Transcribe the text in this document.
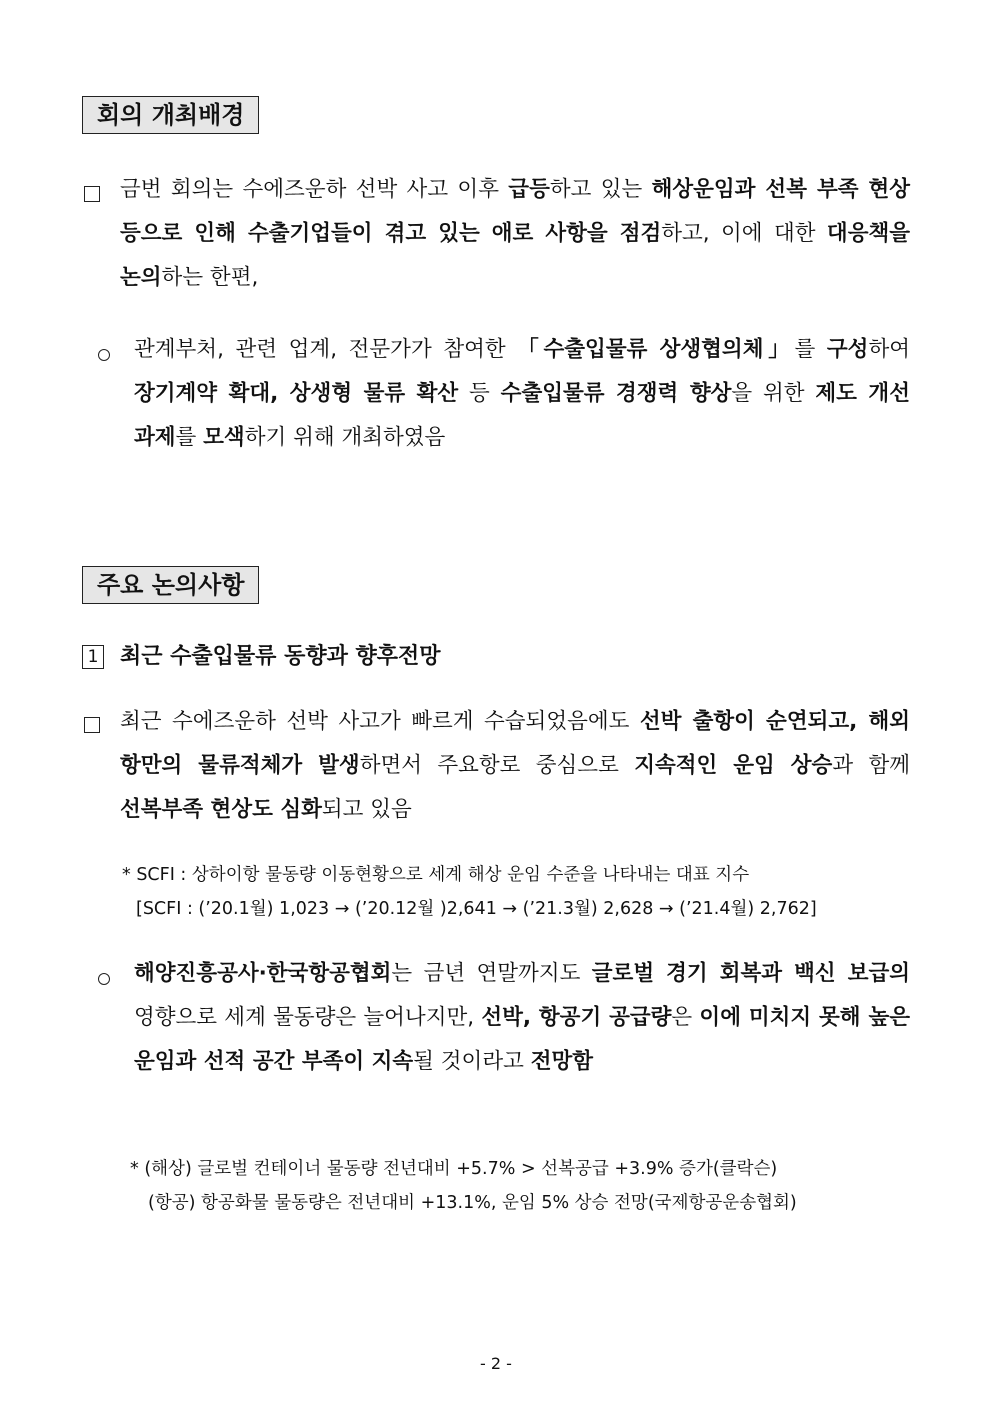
회의 개최배경
금번 회의는 수에즈운하 선박 사고 이후 급등하고 있는 해상운임과 선복 부족 현상 등으로 인해 수출기업들이 겪고 있는 애로 사항을 점검하고, 이에 대한 대응책을 논의하는 한편,
관계부처, 관련 업계, 전문가가 참여한 「수출입물류 상생협의체」를 구성하여 장기계약 확대, 상생형 물류 확산 등 수출입물류 경쟁력 향상을 위한 제도 개선 과제를 모색하기 위해 개최하였음
주요 논의사항
1 최근 수출입물류 동향과 향후전망
최근 수에즈운하 선박 사고가 빠르게 수습되었음에도 선박 출항이 순연되고, 해외 항만의 물류적체가 발생하면서 주요항로 중심으로 지속적인 운임 상승과 함께 선복부족 현상도 심화되고 있음
* SCFI : 상하이항 물동량 이동현황으로 세계 해상 운임 수준을 나타내는 대표 지수
[SCFI : (’20.1월) 1,023 → (’20.12월 )2,641 → (’21.3월) 2,628 → (’21.4월) 2,762]
해양진흥공사·한국항공협회는 금년 연말까지도 글로벌 경기 회복과 백신 보급의 영향으로 세계 물동량은 늘어나지만, 선박, 항공기 공급량은 이에 미치지 못해 높은 운임과 선적 공간 부족이 지속될 것이라고 전망함
* (해상) 글로벌 컨테이너 물동량 전년대비 +5.7% > 선복공급 +3.9% 증가(클락슨)
(항공) 항공화물 물동량은 전년대비 +13.1%, 운임 5% 상승 전망(국제항공운송협회)
- 2 -
